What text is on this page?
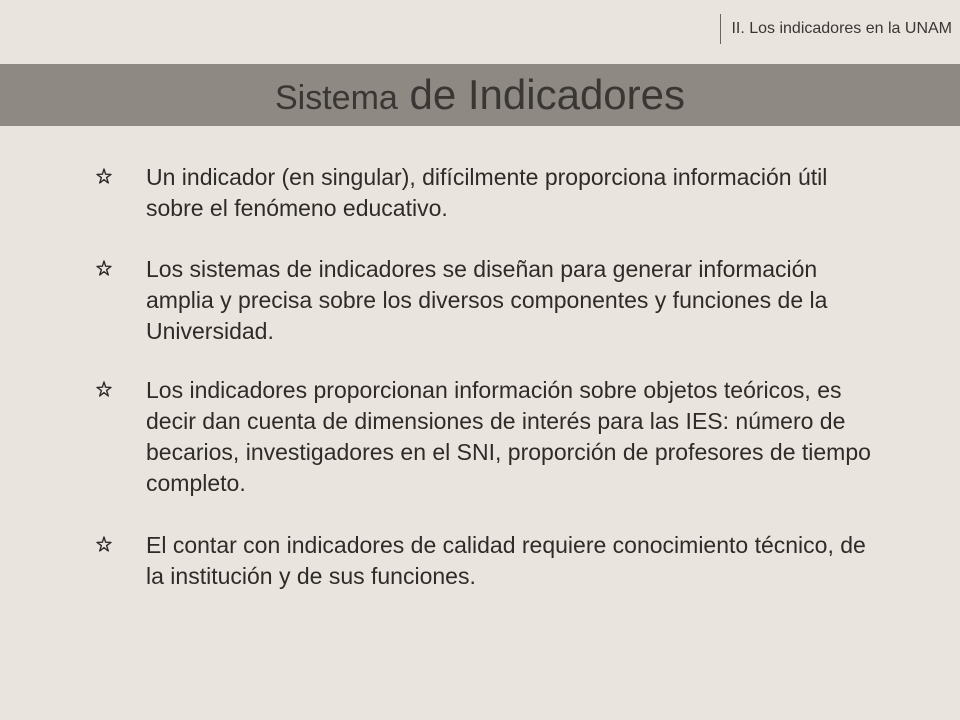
II. Los indicadores en la UNAM
Sistema de Indicadores
Un indicador (en singular), difícilmente proporciona información útil sobre el fenómeno educativo.
Los sistemas de indicadores se diseñan para generar información amplia y precisa sobre los diversos componentes y funciones de la Universidad.
Los indicadores proporcionan información sobre objetos teóricos, es decir dan cuenta de dimensiones de interés para las IES: número de becarios, investigadores en el SNI, proporción de profesores de tiempo completo.
El contar con indicadores de calidad requiere conocimiento técnico, de la institución y de sus funciones.
